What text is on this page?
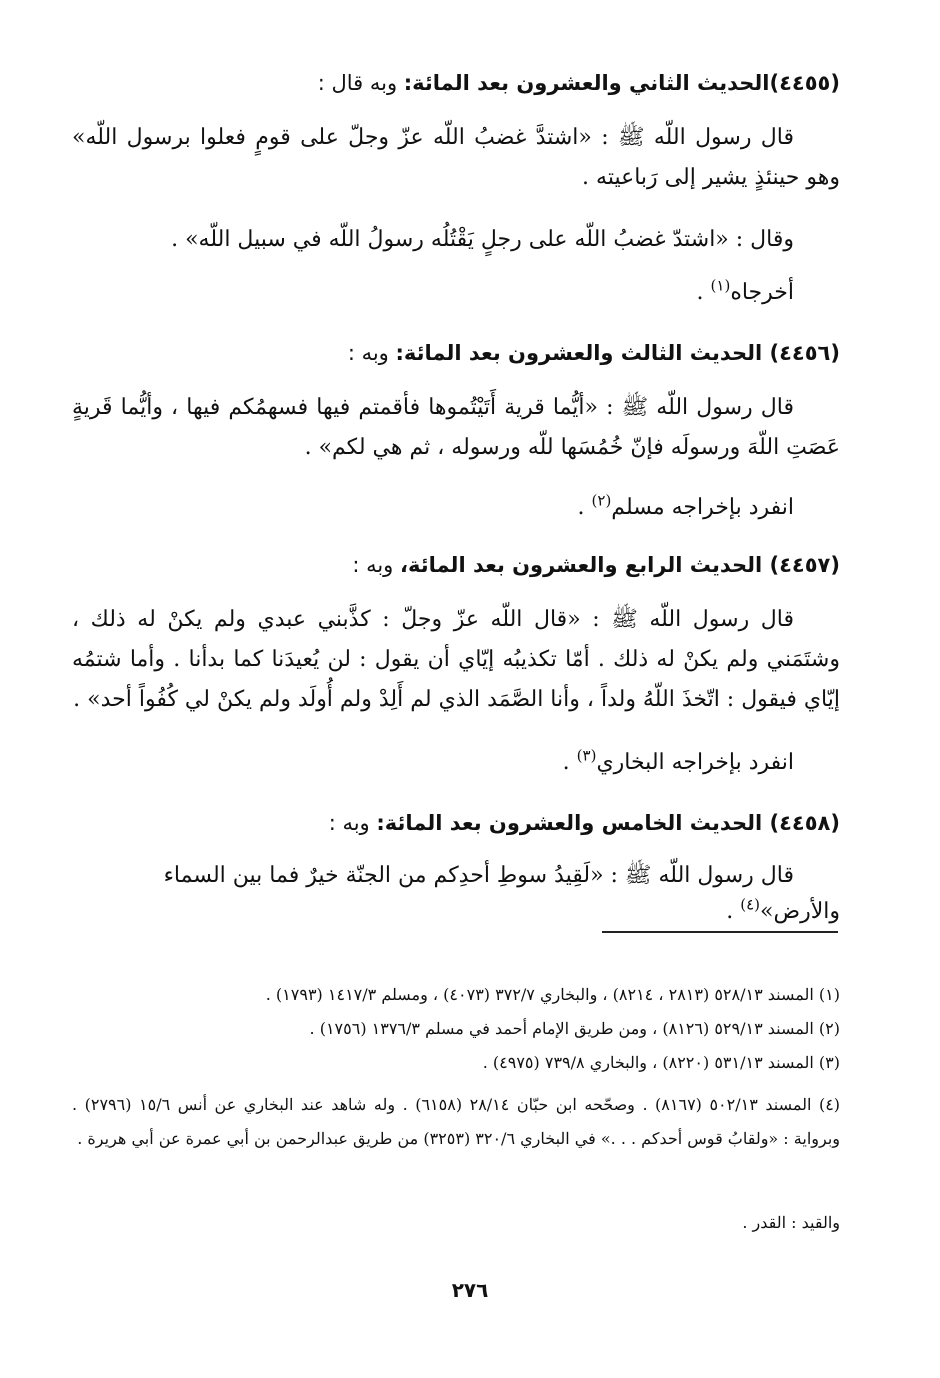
(٤٤٥٥)الحديث الثاني والعشرون بعد المائة: وبه قال :
قال رسول اللّه ﷺ : «اشتدَّ غضبُ اللّه عزّ وجلّ على قومٍ فعلوا برسول اللّه» وهو حينئذٍ يشير إلى رَباعيته .
وقال : «اشتدّ غضبُ اللّه على رجلٍ يَقْتُلُه رسولُ اللّه في سبيل اللّه» .
أخرجاه$^{(١)}$ .
(٤٤٥٦) الحديث الثالث والعشرون بعد المائة: وبه :
قال رسول اللّه ﷺ : «أيُّما قرية أَتَيْتُموها فأقمتم فيها فسهمُكم فيها ، وأيُّما قَريةٍ عَصَتِ اللّهَ ورسولَه فإنّ خُمُسَها للّه ورسوله ، ثم هي لكم» .
انفرد بإخراجه مسلم$^{(٢)}$ .
(٤٤٥٧) الحديث الرابع والعشرون بعد المائة، وبه :
قال رسول اللّه ﷺ : «قال اللّه عزّ وجلّ : كذَّبني عبدي ولم يكنْ له ذلك ، وشتَمَني ولم يكنْ له ذلك . أمّا تكذيبُه إيّاي أن يقول : لن يُعيدَنا كما بدأنا . وأما شتمُه إيّاي فيقول : اتّخذَ اللّهُ ولداً ، وأنا الصَّمَد الذي لم أَلِدْ ولم أُولَد ولم يكنْ لي كُفُواً أحد» .
انفرد بإخراجه البخاري$^{(٣)}$ .
(٤٤٥٨) الحديث الخامس والعشرون بعد المائة: وبه :
قال رسول اللّه ﷺ : «لَقِيدُ سوطِ أحدِكم من الجنّة خيرٌ فما بين السماء والأرض»$^{(٤)}$ .
(١) المسند ٥٢٨/١٣ (٢٨١٣ ، ٨٢١٤) ، والبخاري ٣٧٢/٧ (٤٠٧٣) ، ومسلم ١٤١٧/٣ (١٧٩٣) .
(٢) المسند ٥٢٩/١٣ (٨١٢٦) ، ومن طريق الإمام أحمد في مسلم ١٣٧٦/٣ (١٧٥٦) .
(٣) المسند ٥٣١/١٣ (٨٢٢٠) ، والبخاري ٧٣٩/٨ (٤٩٧٥) .
(٤) المسند ٥٠٢/١٣ (٨١٦٧) . وصحّحه ابن حبّان ٢٨/١٤ (٦١٥٨) . وله شاهد عند البخاري عن أنس ١٥/٦ (٢٧٩٦) . وبرواية : «ولقابُ قوس أحدكم . . .» في البخاري ٣٢٠/٦ (٣٢٥٣) من طريق عبدالرحمن بن أبي عمرة عن أبي هريرة .
والقيد : القدر .
٢٧٦
